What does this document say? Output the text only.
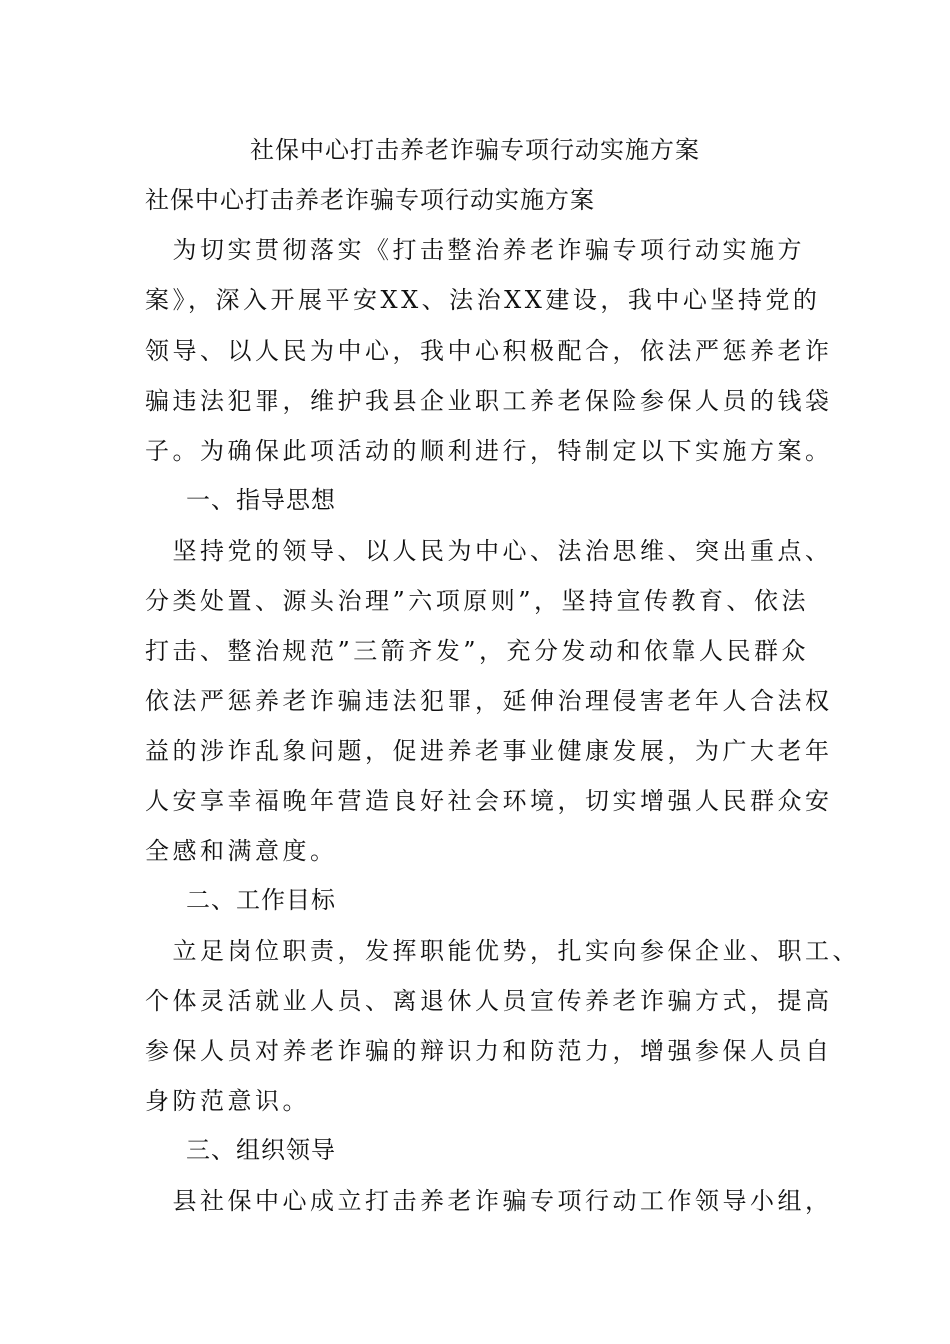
社保中心打击养老诈骗专项行动实施方案
社保中心打击养老诈骗专项行动实施方案
　为切实贯彻落实《打击整治养老诈骗专项行动实施方
案》，深入开展平安XX、法治XX建设，我中心坚持党的
领导、以人民为中心，我中心积极配合，依法严惩养老诈
骗违法犯罪，维护我县企业职工养老保险参保人员的钱袋
子。为确保此项活动的顺利进行，特制定以下实施方案。
一、指导思想
　坚持党的领导、以人民为中心、法治思维、突出重点、
分类处置、源头治理”六项原则”，坚持宣传教育、依法
打击、整治规范”三箭齐发”，充分发动和依靠人民群众
依法严惩养老诈骗违法犯罪，延伸治理侵害老年人合法权
益的涉诈乱象问题，促进养老事业健康发展，为广大老年
人安享幸福晚年营造良好社会环境，切实增强人民群众安
全感和满意度。
二、工作目标
　立足岗位职责，发挥职能优势，扎实向参保企业、职工、
个体灵活就业人员、离退休人员宣传养老诈骗方式，提高
参保人员对养老诈骗的辩识力和防范力，增强参保人员自
身防范意识。
三、组织领导
　县社保中心成立打击养老诈骗专项行动工作领导小组，
